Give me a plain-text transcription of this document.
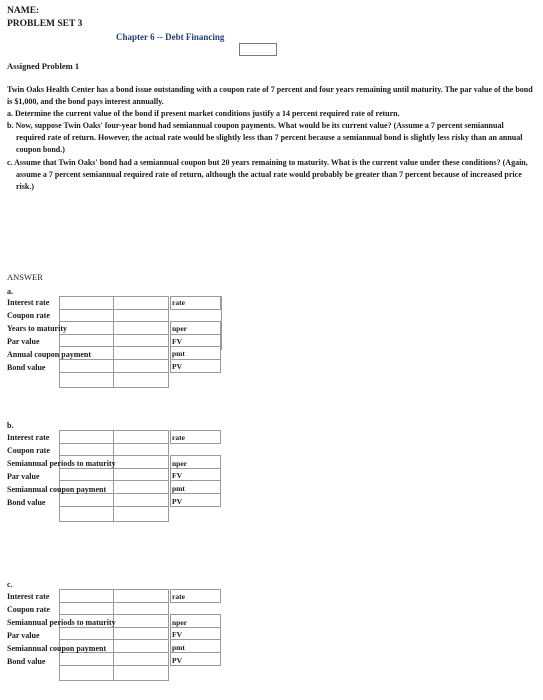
NAME:
PROBLEM SET 3
Chapter 6 -- Debt Financing
Assigned Problem 1

Twin Oaks Health Center has a bond issue outstanding with a coupon rate of 7 percent and four years remaining until maturity. The par value of the bond is $1,000, and the bond pays interest annually.

a. Determine the current value of the bond if present market conditions justify a 14 percent required rate of return.

b. Now, suppose Twin Oaks' four-year bond had semiannual coupon payments. What would be its current value? (Assume a 7 percent semiannual required rate of return. However, the actual rate would be slightly less than 7 percent because a semiannual bond is slightly less risky than an annual coupon bond.)

c. Assume that Twin Oaks' bond had a semiannual coupon but 20 years remaining to maturity. What is the current value under these conditions? (Again, assume a 7 percent semiannual required rate of return, although the actual rate would probably be greater than 7 percent because of increased price risk.)

ANSWER
a.
Interest rate
Coupon rate
Years to maturity
Par value
Annual coupon payment
Bond value
rate
nper
FV
pmt
PV
b.
Interest rate
Coupon rate
Semiannual periods to maturity
Par value
Semiannual coupon payment
Bond value
rate
nper
FV
pmt
PV
c.
Interest rate
Coupon rate
Semiannual periods to maturity
Par value
Semiannual coupon payment
Bond value
rate
nper
FV
pmt
PV
